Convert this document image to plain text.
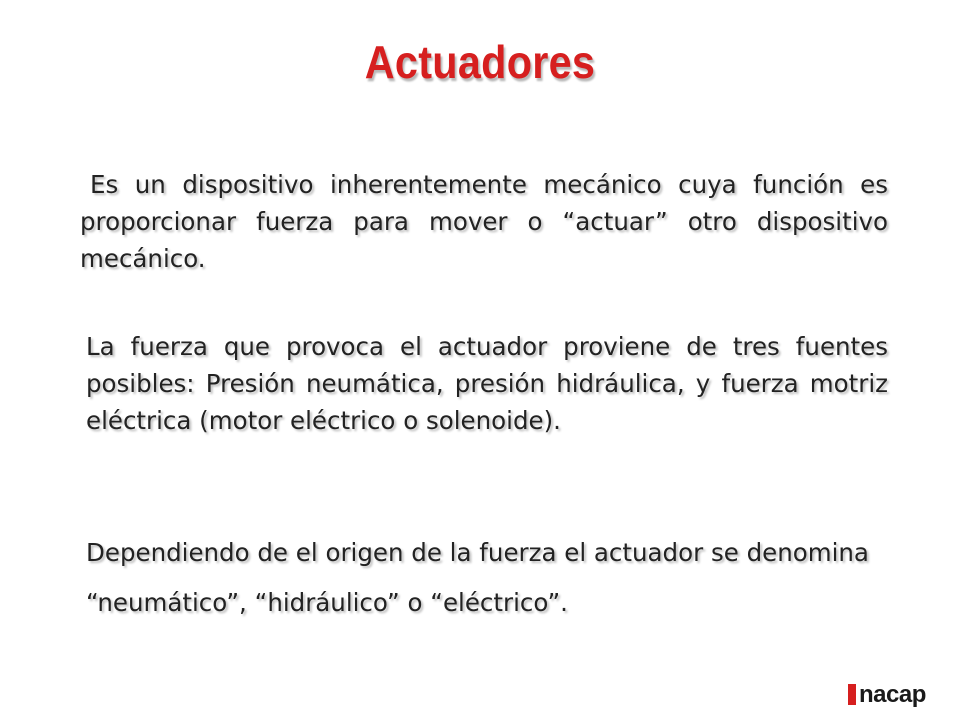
Actuadores

Es un dispositivo inherentemente mecánico cuya función es proporcionar fuerza para mover o “actuar” otro dispositivo mecánico.

La fuerza que provoca el actuador proviene de tres fuentes posibles: Presión neumática, presión hidráulica, y fuerza motriz eléctrica (motor eléctrico o solenoide).

Dependiendo de el origen de la fuerza el actuador se denomina “neumático”, “hidráulico” o “eléctrico”.

nacap
